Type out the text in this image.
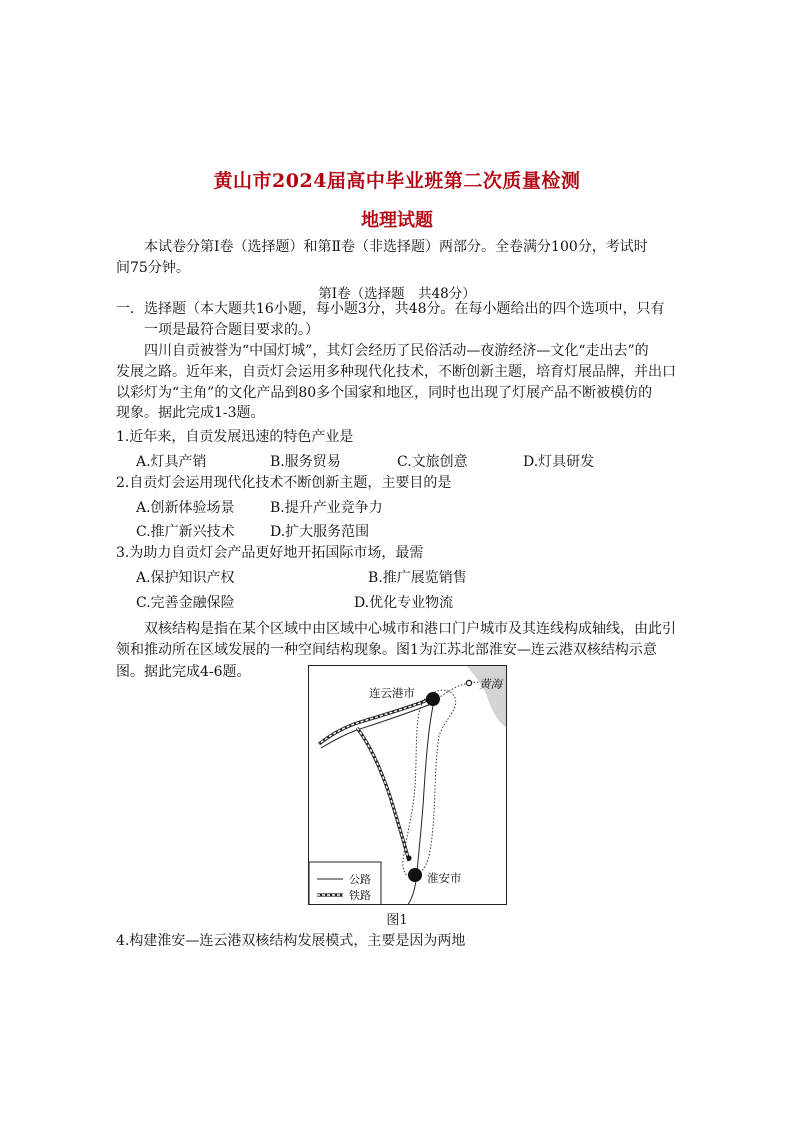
黄山市2024届高中毕业班第二次质量检测
地理试题
本试卷分第Ⅰ卷（选择题）和第Ⅱ卷（非选择题）两部分。全卷满分100分，考试时
间75分钟。
第Ⅰ卷（选择题　共48分）
一．选择题（本大题共16小题，每小题3分，共48分。在每小题给出的四个选项中，只有
一项是最符合题目要求的。）
四川自贡被誉为“中国灯城”，其灯会经历了民俗活动—夜游经济—文化“走出去”的
发展之路。近年来，自贡灯会运用多种现代化技术，不断创新主题，培育灯展品牌，并出口
以彩灯为“主角”的文化产品到80多个国家和地区，同时也出现了灯展产品不断被模仿的
现象。据此完成1-3题。
1.近年来，自贡发展迅速的特色产业是
A.灯具产销	B.服务贸易	C.文旅创意	D.灯具研发
2.自贡灯会运用现代化技术不断创新主题，主要目的是
A.创新体验场景	B.提升产业竞争力
C.推广新兴技术	D.扩大服务范围
3.为助力自贡灯会产品更好地开拓国际市场，最需
A.保护知识产权	B.推广展览销售
C.完善金融保险	D.优化专业物流
双核结构是指在某个区域中由区域中心城市和港口门户城市及其连线构成轴线，由此引
领和推动所在区域发展的一种空间结构现象。图1为江苏北部淮安—连云港双核结构示意
图。据此完成4-6题。
连云港市
黄海
淮安市
公路
铁路
图1
4.构建淮安—连云港双核结构发展模式，主要是因为两地
